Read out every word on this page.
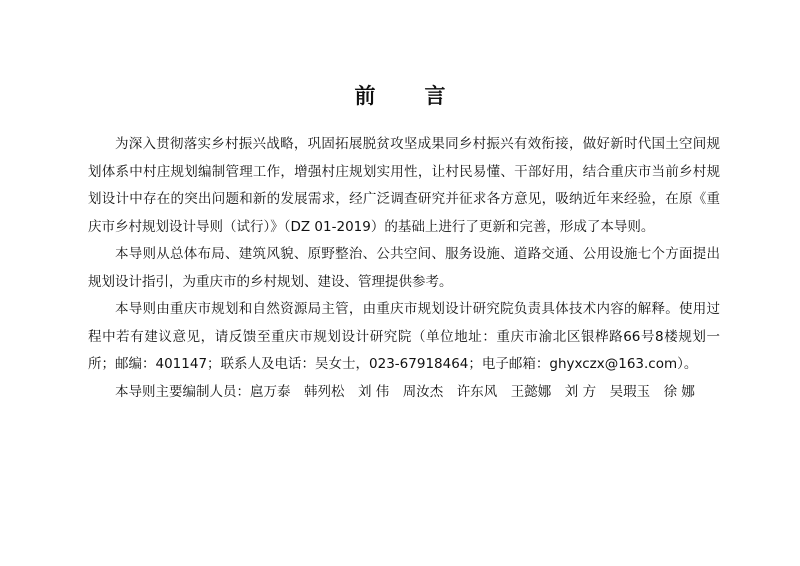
前　言

为深入贯彻落实乡村振兴战略，巩固拓展脱贫攻坚成果同乡村振兴有效衔接，做好新时代国土空间规划体系中村庄规划编制管理工作，增强村庄规划实用性，让村民易懂、干部好用，结合重庆市当前乡村规划设计中存在的突出问题和新的发展需求，经广泛调查研究并征求各方意见，吸纳近年来经验，在原《重庆市乡村规划设计导则（试行）》（DZ 01-2019）的基础上进行了更新和完善，形成了本导则。

本导则从总体布局、建筑风貌、原野整治、公共空间、服务设施、道路交通、公用设施七个方面提出规划设计指引，为重庆市的乡村规划、建设、管理提供参考。

本导则由重庆市规划和自然资源局主管，由重庆市规划设计研究院负责具体技术内容的解释。使用过程中若有建议意见，请反馈至重庆市规划设计研究院（单位地址：重庆市渝北区银桦路66号8楼规划一所；邮编：401147；联系人及电话：吴女士，023-67918464；电子邮箱：ghyxczx@163.com）。

本导则主要编制人员：扈万泰　韩列松　刘 伟　周汝杰　许东风　王懿娜　刘 方　吴瑕玉　徐 娜
